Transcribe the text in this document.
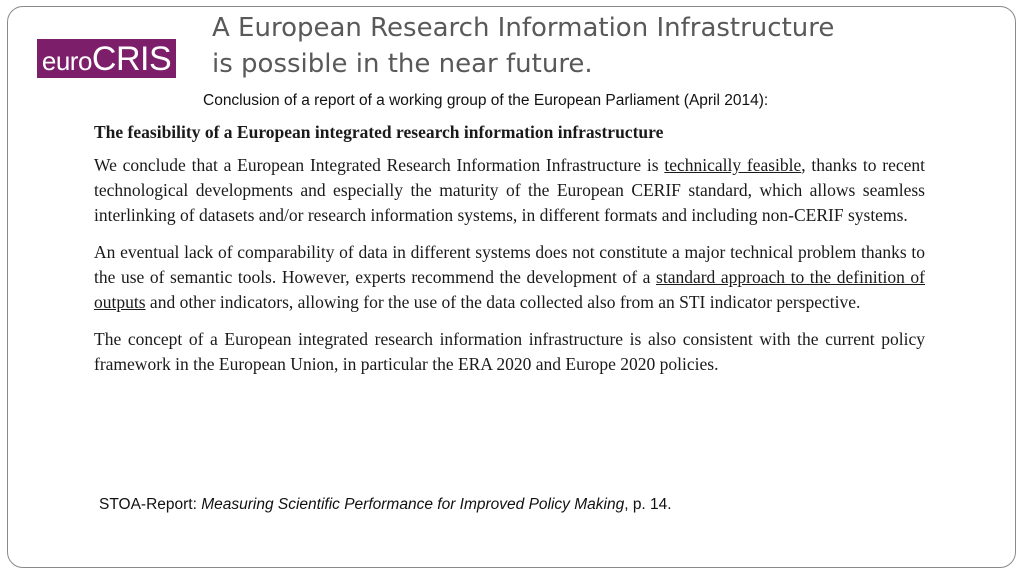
euro CRIS
A European Research Information Infrastructure
is possible in the near future.
Conclusion of a report of a working group of the European Parliament (April 2014):
The feasibility of a European integrated research information infrastructure

We conclude that a European Integrated Research Information Infrastructure is technically feasible, thanks to recent technological developments and especially the maturity of the European CERIF standard, which allows seamless interlinking of datasets and/or research information systems, in different formats and including non-CERIF systems.

An eventual lack of comparability of data in different systems does not constitute a major technical problem thanks to the use of semantic tools. However, experts recommend the development of a standard approach to the definition of outputs and other indicators, allowing for the use of the data collected also from an STI indicator perspective.

The concept of a European integrated research information infrastructure is also consistent with the current policy framework in the European Union, in particular the ERA 2020 and Europe 2020 policies.

STOA-Report: Measuring Scientific Performance for Improved Policy Making, p. 14.
